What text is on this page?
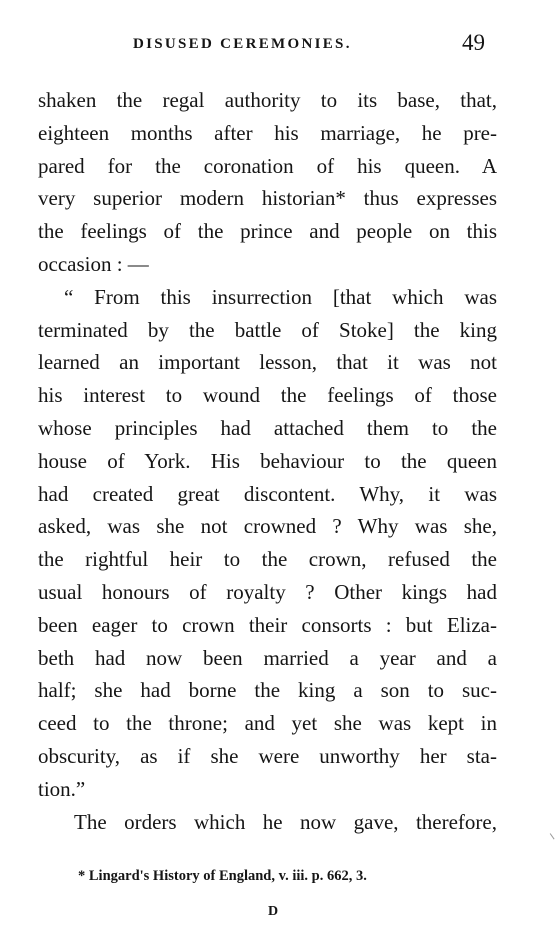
DISUSED CEREMONIES.	49
shaken the regal authority to its base, that,
eighteen months after his marriage, he pre-
pared for the coronation of his queen. A
very superior modern historian* thus expresses
the feelings of the prince and people on this
occasion : —
“ From this insurrection [that which was
terminated by the battle of Stoke] the king
learned an important lesson, that it was not
his interest to wound the feelings of those
whose principles had attached them to the
house of York. His behaviour to the queen
had created great discontent. Why, it was
asked, was she not crowned ? Why was she,
the rightful heir to the crown, refused the
usual honours of royalty ? Other kings had
been eager to crown their consorts : but Eliza-
beth had now been married a year and a
half; she had borne the king a son to suc-
ceed to the throne; and yet she was kept in
obscurity, as if she were unworthy her sta-
tion.”
The orders which he now gave, therefore,
* Lingard's History of England, v. iii. p. 662, 3.
D
